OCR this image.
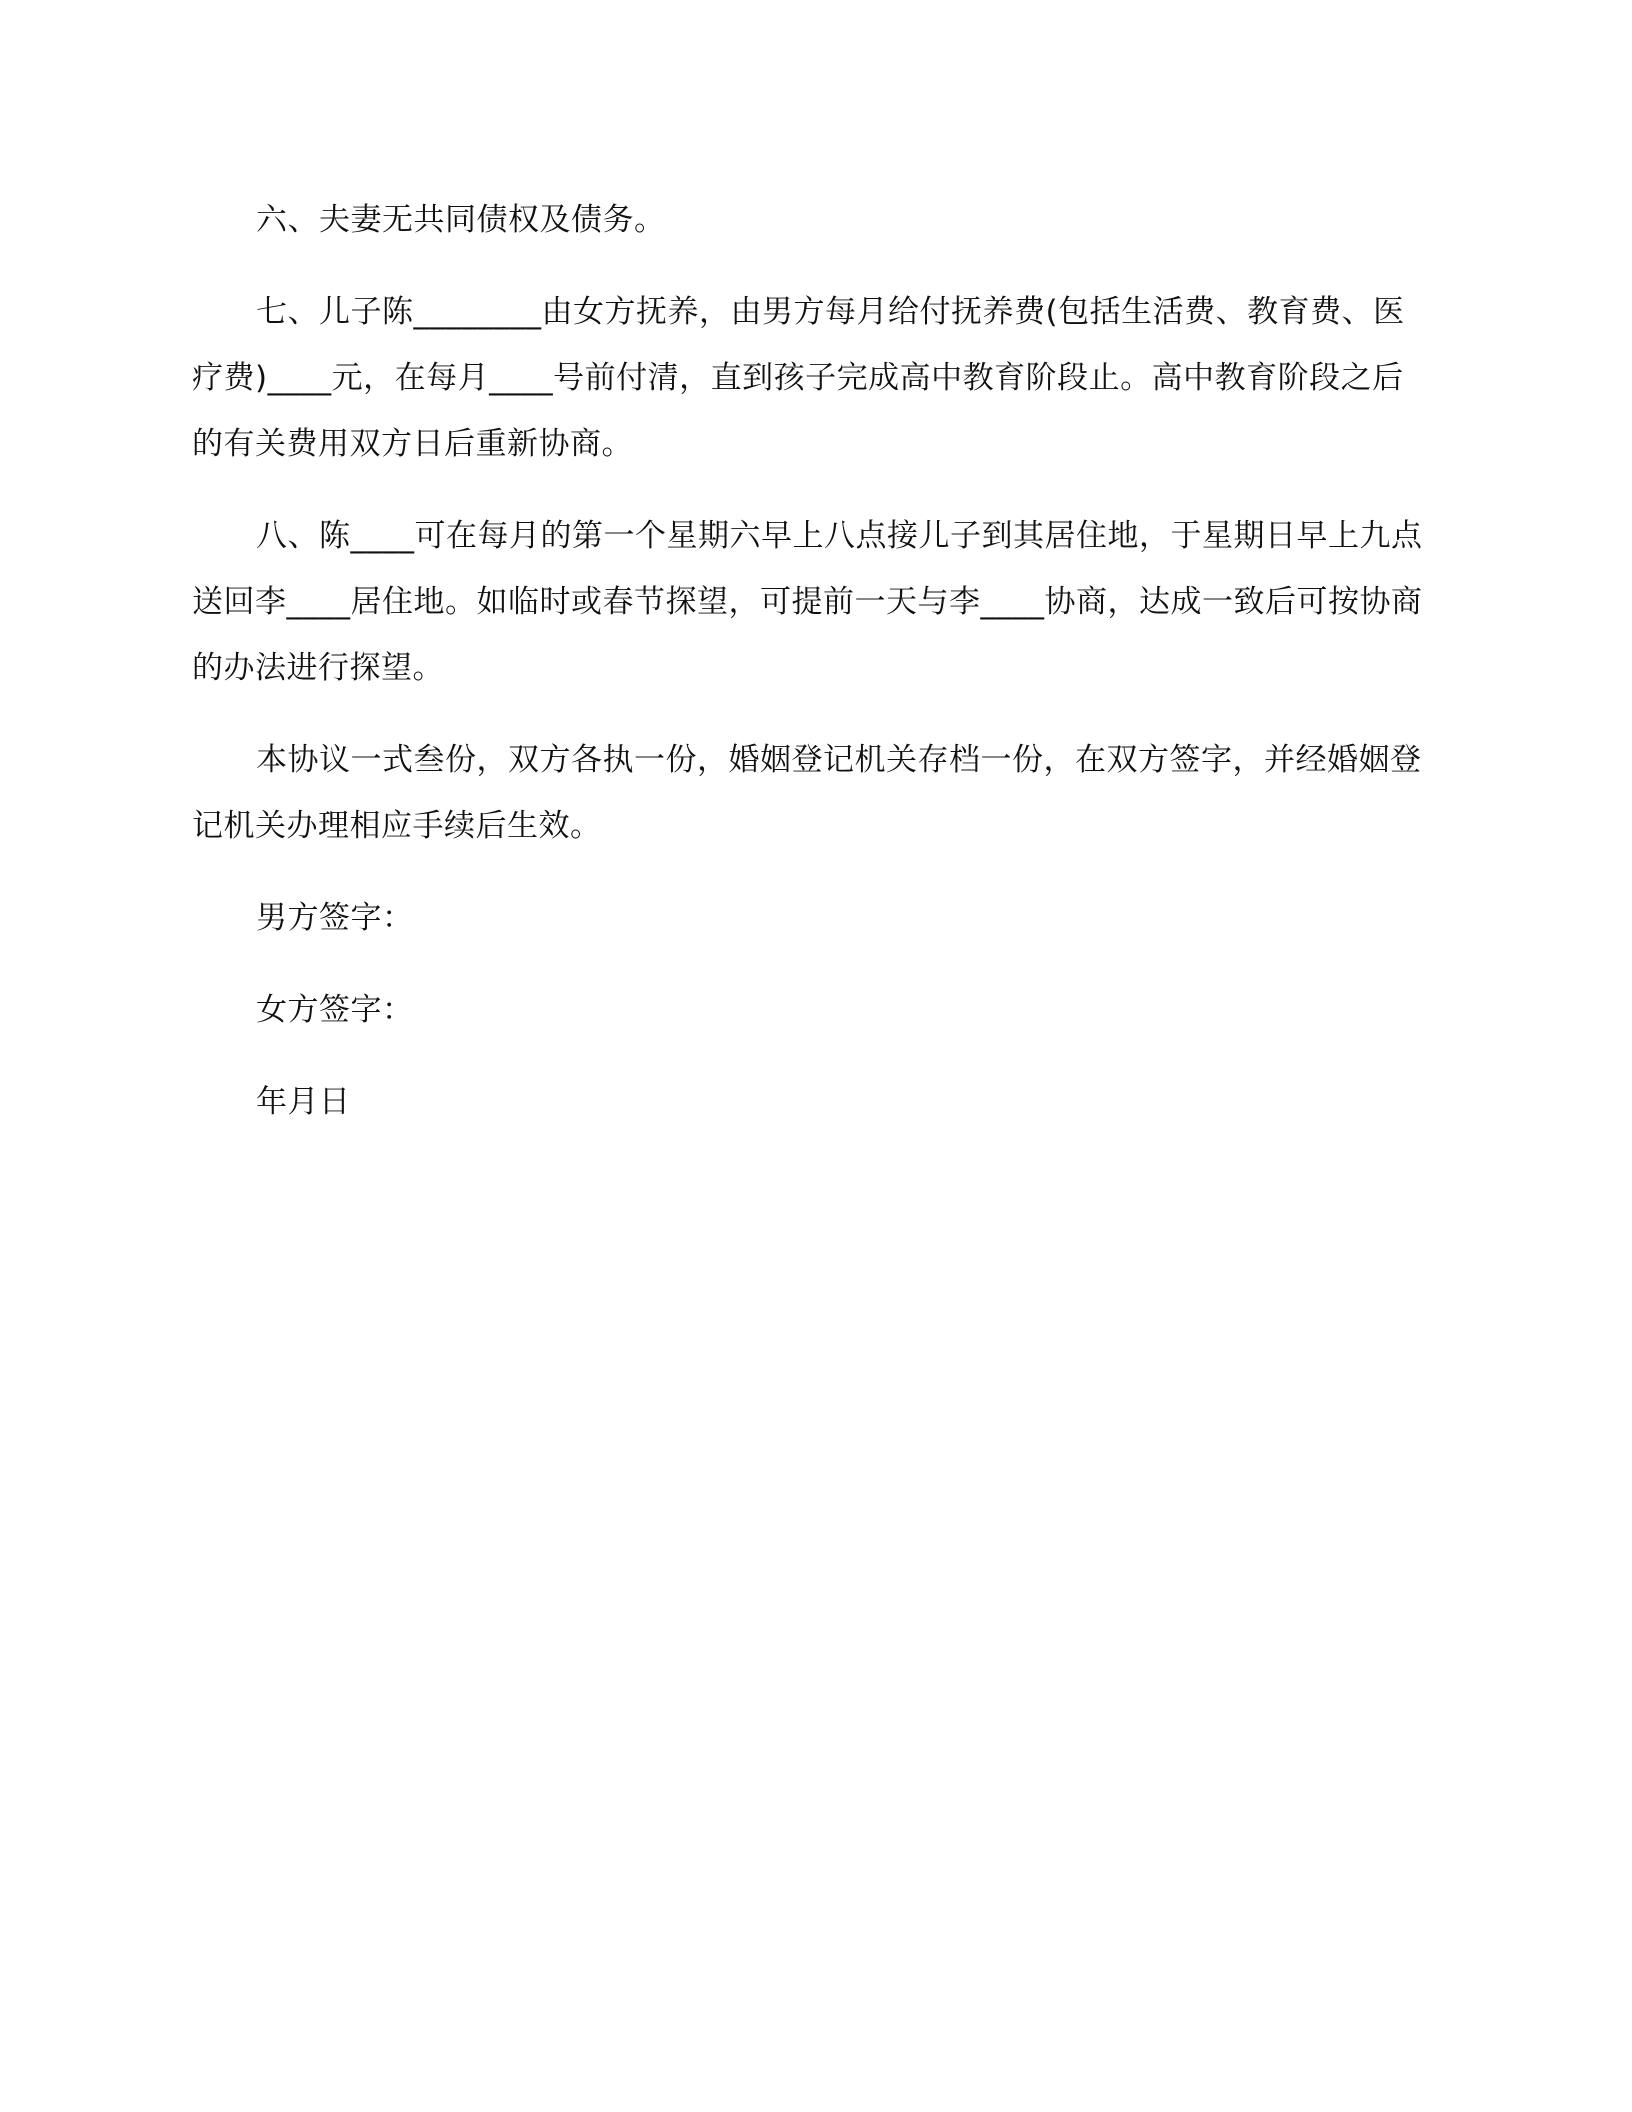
六、夫妻无共同债权及债务。

七、儿子陈________由女方抚养，由男方每月给付抚养费(包括生活费、教育费、医疗费)____元，在每月____号前付清，直到孩子完成高中教育阶段止。高中教育阶段之后的有关费用双方日后重新协商。

八、陈____可在每月的第一个星期六早上八点接儿子到其居住地，于星期日早上九点送回李____居住地。如临时或春节探望，可提前一天与李____协商，达成一致后可按协商的办法进行探望。

本协议一式叁份，双方各执一份，婚姻登记机关存档一份，在双方签字，并经婚姻登记机关办理相应手续后生效。

男方签字：

女方签字：

年月日
